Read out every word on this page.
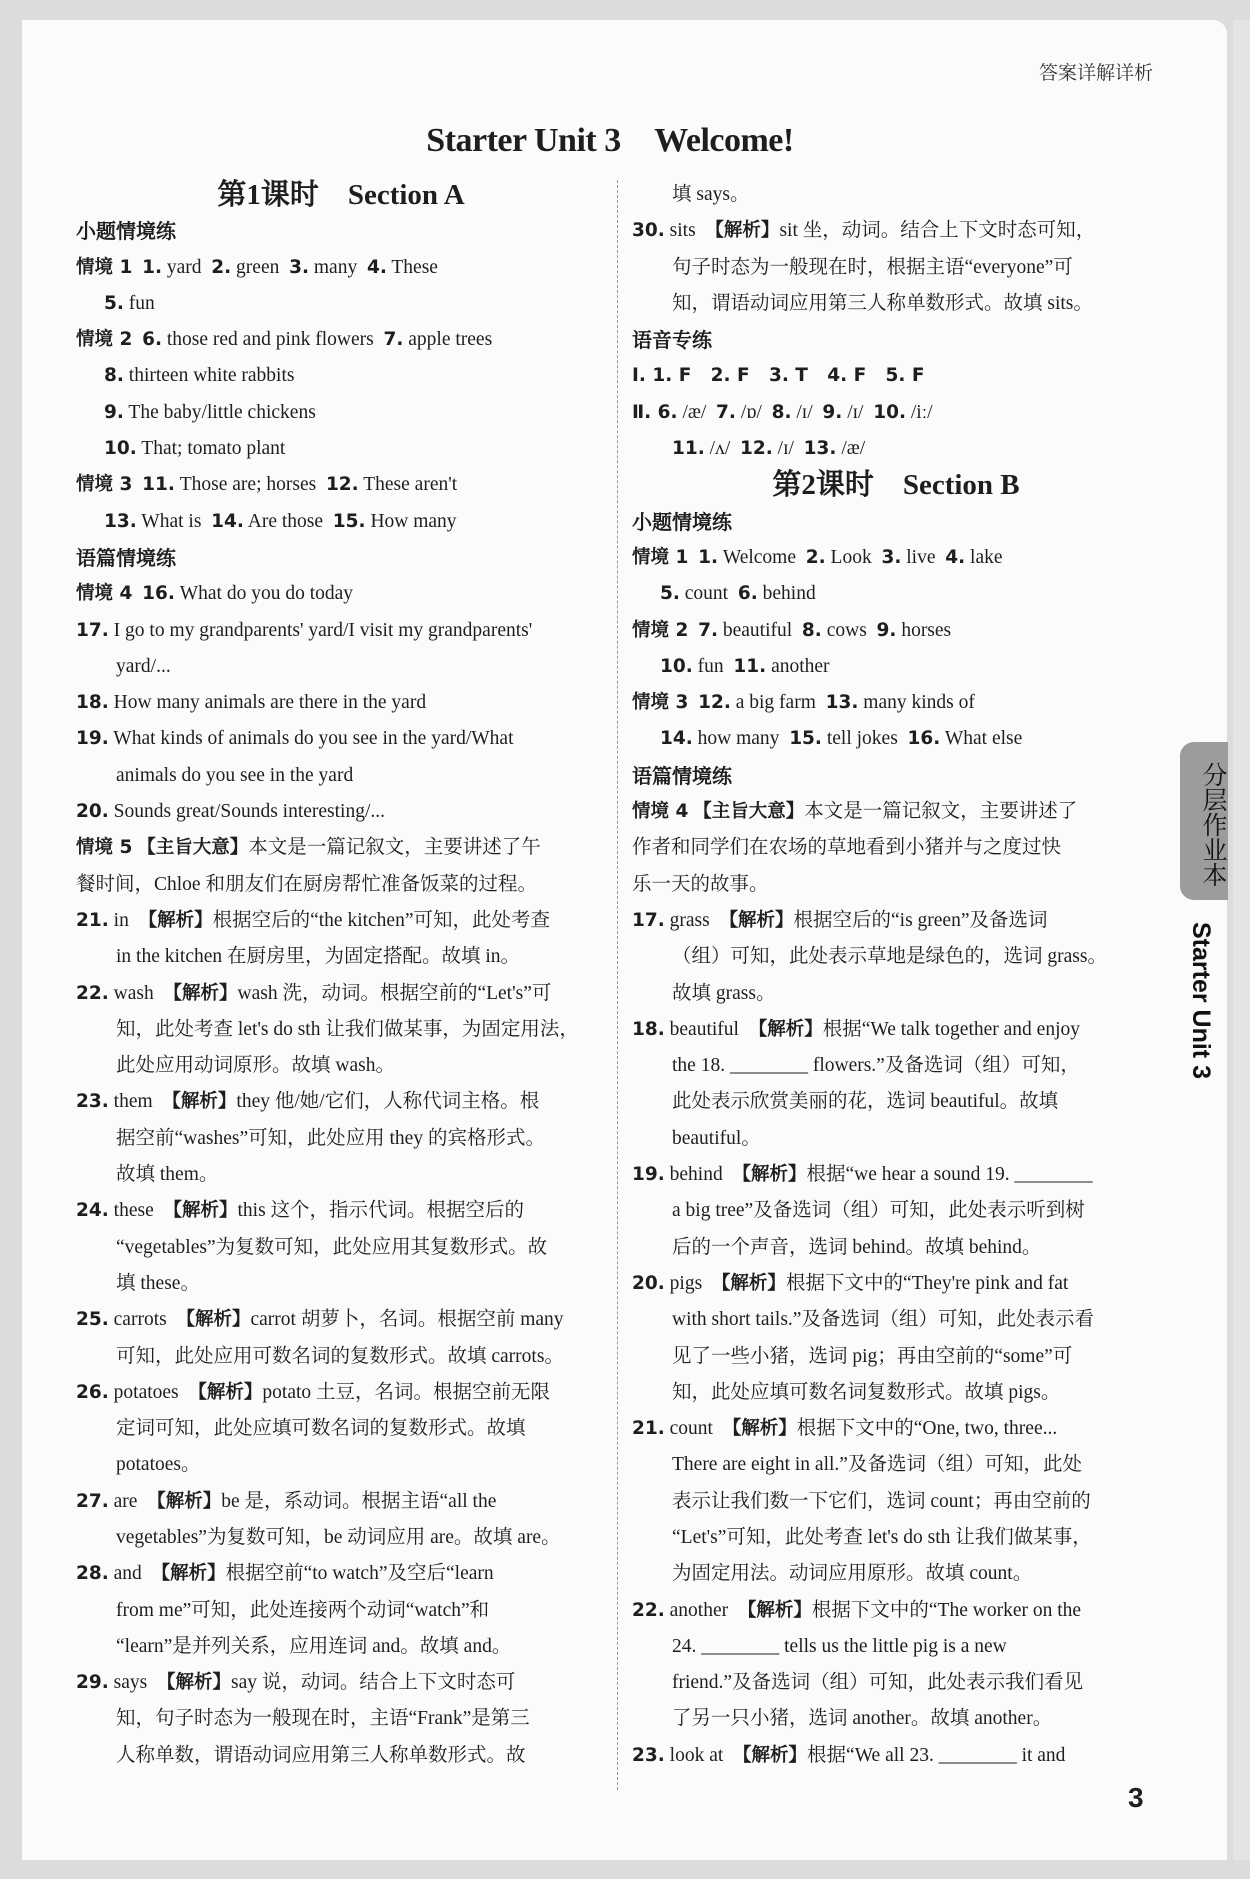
答案详解详析
Starter Unit 3　Welcome!
第1课时　Section A
小题情境练
情境 1 1. yard  2. green  3. many  4. These
5. fun
情境 2 6. those red and pink flowers  7. apple trees
8. thirteen white rabbits
9. The baby/little chickens
10. That; tomato plant
情境 3 11. Those are; horses  12. These aren't
13. What is  14. Are those  15. How many
语篇情境练
情境 4 16. What do you do today
17. I go to my grandparents' yard/I visit my grandparents'
yard/...
18. How many animals are there in the yard
19. What kinds of animals do you see in the yard/What
animals do you see in the yard
20. Sounds great/Sounds interesting/...
情境 5 【主旨大意】本文是一篇记叙文，主要讲述了午
餐时间，Chloe 和朋友们在厨房帮忙准备饭菜的过程。
21. in  【解析】根据空后的“the kitchen”可知，此处考查
in the kitchen 在厨房里，为固定搭配。故填 in。
22. wash  【解析】wash 洗，动词。根据空前的“Let's”可
知，此处考查 let's do sth 让我们做某事，为固定用法，
此处应用动词原形。故填 wash。
23. them  【解析】they 他/她/它们，人称代词主格。根
据空前“washes”可知，此处应用 they 的宾格形式。
故填 them。
24. these  【解析】this 这个，指示代词。根据空后的
“vegetables”为复数可知，此处应用其复数形式。故
填 these。
25. carrots  【解析】carrot 胡萝卜，名词。根据空前 many
可知，此处应用可数名词的复数形式。故填 carrots。
26. potatoes  【解析】potato 土豆，名词。根据空前无限
定词可知，此处应填可数名词的复数形式。故填
potatoes。
27. are  【解析】be 是，系动词。根据主语“all the
vegetables”为复数可知，be 动词应用 are。故填 are。
28. and  【解析】根据空前“to watch”及空后“learn
from me”可知，此处连接两个动词“watch”和
“learn”是并列关系，应用连词 and。故填 and。
29. says  【解析】say 说，动词。结合上下文时态可
知，句子时态为一般现在时，主语“Frank”是第三
人称单数，谓语动词应用第三人称单数形式。故
填 says。
30. sits  【解析】sit 坐，动词。结合上下文时态可知，
句子时态为一般现在时，根据主语“everyone”可
知，谓语动词应用第三人称单数形式。故填 sits。
语音专练
Ⅰ. 1. F   2. F   3. T   4. F   5. F
Ⅱ. 6. /æ/  7. /ɒ/  8. /ɪ/  9. /ɪ/  10. /iː/
11. /ʌ/  12. /ɪ/  13. /æ/
第2课时　Section B
小题情境练
情境 1 1. Welcome  2. Look  3. live  4. lake
5. count  6. behind
情境 2 7. beautiful  8. cows  9. horses
10. fun  11. another
情境 3 12. a big farm  13. many kinds of
14. how many  15. tell jokes  16. What else
语篇情境练
情境 4 【主旨大意】本文是一篇记叙文，主要讲述了
作者和同学们在农场的草地看到小猪并与之度过快
乐一天的故事。
17. grass  【解析】根据空后的“is green”及备选词
（组）可知，此处表示草地是绿色的，选词 grass。
故填 grass。
18. beautiful  【解析】根据“We talk together and enjoy
the 18. ________ flowers.”及备选词（组）可知，
此处表示欣赏美丽的花，选词 beautiful。故填
beautiful。
19. behind  【解析】根据“we hear a sound 19. ________
a big tree”及备选词（组）可知，此处表示听到树
后的一个声音，选词 behind。故填 behind。
20. pigs  【解析】根据下文中的“They're pink and fat
with short tails.”及备选词（组）可知，此处表示看
见了一些小猪，选词 pig；再由空前的“some”可
知，此处应填可数名词复数形式。故填 pigs。
21. count  【解析】根据下文中的“One, two, three...
There are eight in all.”及备选词（组）可知，此处
表示让我们数一下它们，选词 count；再由空前的
“Let's”可知，此处考查 let's do sth 让我们做某事，
为固定用法。动词应用原形。故填 count。
22. another  【解析】根据下文中的“The worker on the
24. ________ tells us the little pig is a new
friend.”及备选词（组）可知，此处表示我们看见
了另一只小猪，选词 another。故填 another。
23. look at  【解析】根据“We all 23. ________ it and
分层作业本
Starter Unit 3
3
